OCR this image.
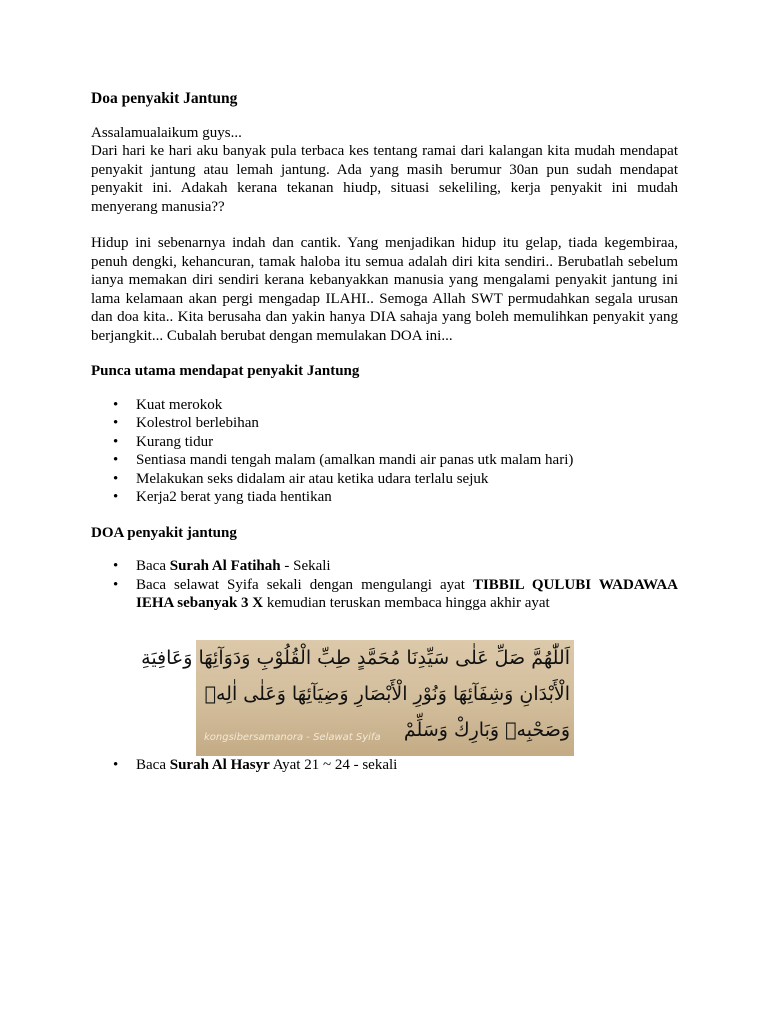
Doa penyakit Jantung

Assalamualaikum guys...

Dari hari ke hari aku banyak pula terbaca kes tentang ramai dari kalangan kita mudah mendapat penyakit jantung atau lemah jantung. Ada yang masih berumur 30an pun sudah mendapat penyakit ini. Adakah kerana tekanan hiudp, situasi sekeliling, kerja penyakit ini mudah menyerang manusia??

Hidup ini sebenarnya indah dan cantik. Yang menjadikan hidup itu gelap, tiada kegembiraa, penuh dengki, kehancuran, tamak haloba itu semua adalah diri kita sendiri.. Berubatlah sebelum ianya memakan diri sendiri kerana kebanyakkan manusia yang mengalami penyakit jantung ini lama kelamaan akan pergi mengadap ILAHI.. Semoga Allah SWT permudahkan segala urusan dan doa kita.. Kita berusaha dan yakin hanya DIA sahaja yang boleh memulihkan penyakit yang berjangkit... Cubalah berubat dengan memulakan DOA ini...

Punca utama mendapat penyakit Jantung

• Kuat merokok
• Kolestrol berlebihan
• Kurang tidur
• Sentiasa mandi tengah malam (amalkan mandi air panas utk malam hari)
• Melakukan seks didalam air atau ketika udara terlalu sejuk
• Kerja2 berat yang tiada hentikan

DOA penyakit jantung

• Baca Surah Al Fatihah - Sekali
• Baca selawat Syifa sekali dengan mengulangi ayat TIBBIL QULUBI WADAWAA IEHA sebanyak 3 X kemudian teruskan membaca hingga akhir ayat
اَللّٰهُمَّ صَلِّ عَلٰى سَيِّدِنَا مُحَمَّدٍ طِبِّ الْقُلُوْبِ وَدَوَآئِهَا وَعَافِيَةِ
الْأَبْدَانِ وَشِفَآئِهَا وَنُوْرِ الْأَبْصَارِ وَضِيَآئِهَا وَعَلٰى اٰلِهٖ
وَصَحْبِهٖ وَبَارِكْ وَسَلِّمْ
kongsibersamanora - Selawat Syifa
• Baca Surah Al Hasyr Ayat 21 ~ 24 - sekali
